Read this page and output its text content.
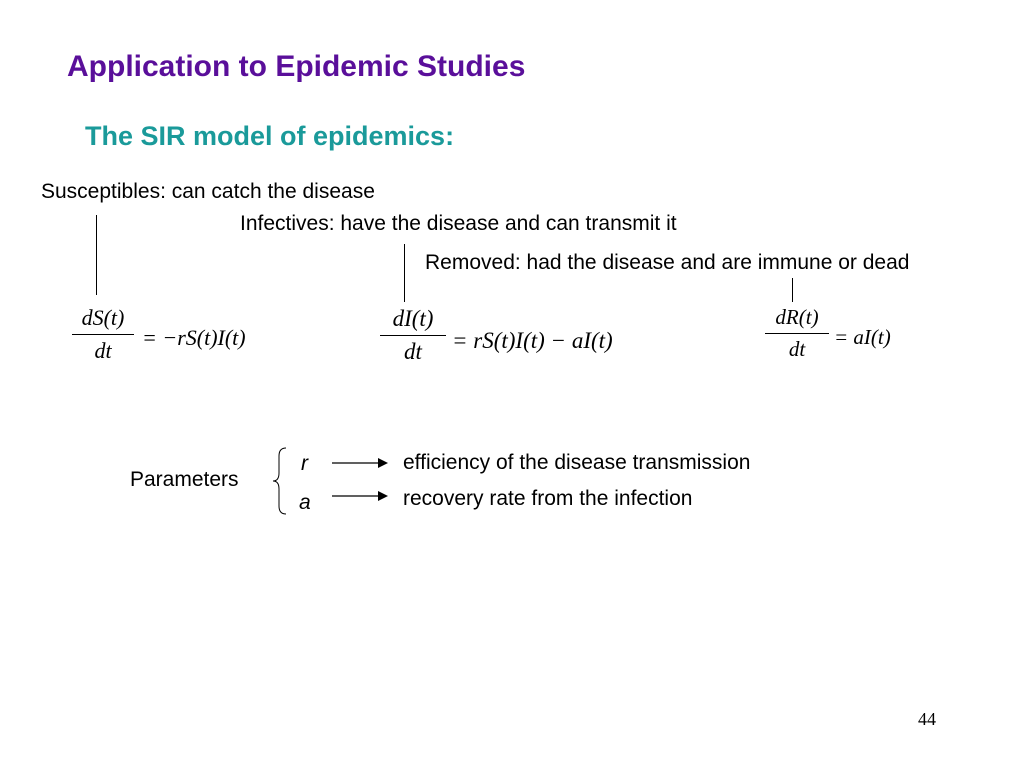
Application to Epidemic Studies
The SIR model of epidemics:
Susceptibles: can catch the disease
Infectives: have the disease and can transmit it
Removed: had the disease and are immune or dead
dS(t)
dt
= −rS(t)I(t)
dI(t)
dt	= rS(t)I(t) − aI(t)
dR(t)
dt	= aI(t)
Parameters
r
a
efficiency of the disease transmission
recovery rate from the infection
44
